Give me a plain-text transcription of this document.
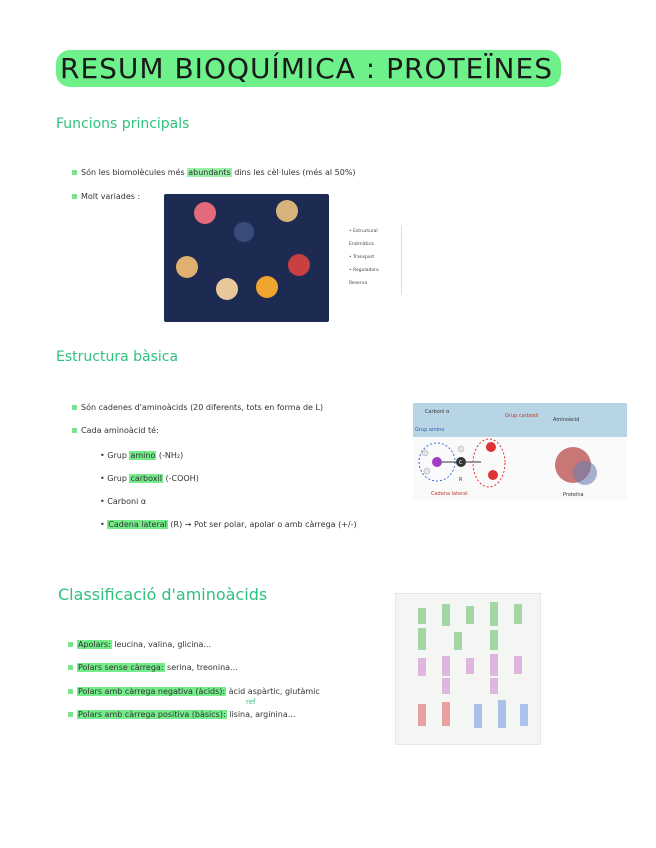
RESUM BIOQUÍMICA : PROTEÏNES
Funcions principals
Són les biomolècules més abundants dins les cèl·lules (més al 50%)
Molt variades :
• Estructural
Enzimàtica
• Transport
• Reguladora
Reserva
Estructura bàsica
Són cadenes d'aminoàcids (20 diferents, tots en forma de L)
Cada aminoàcid té:
• Grup amino (-NH₂)
• Grup carboxil (-COOH)
• Carboni α
• Cadena lateral (R) → Pot ser polar, apolar o amb càrrega (+/-)
Carboni α
Grup carboxil
Grup amino
Aminoàcid
C
R
Cadena lateral	Proteïna
Classificació d'aminoàcids
Apolars: leucina, valina, glicina...
Polars sense càrrega: serina, treonina...
Polars amb càrrega negativa (àcids): àcid aspàrtic, glutàmic
ref
Polars amb càrrega positiva (bàsics): lisina, arginina...
